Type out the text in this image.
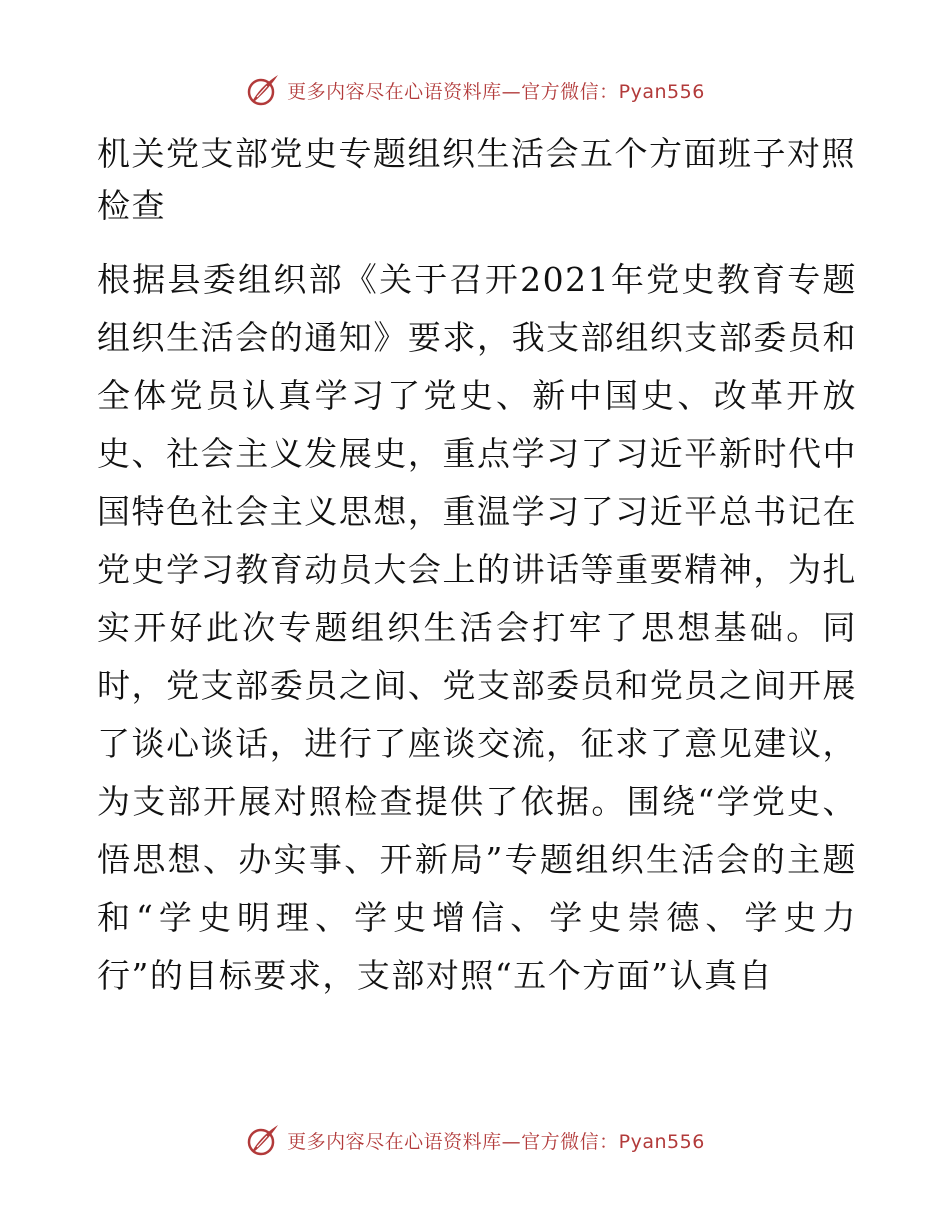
更多内容尽在心语资料库—官方微信：Pyan556
机关党支部党史专题组织生活会五个方面班子对照检查

根据县委组织部《关于召开2021年党史教育专题组织生活会的通知》要求，我支部组织支部委员和全体党员认真学习了党史、新中国史、改革开放史、社会主义发展史，重点学习了习近平新时代中国特色社会主义思想，重温学习了习近平总书记在党史学习教育动员大会上的讲话等重要精神，为扎实开好此次专题组织生活会打牢了思想基础。同时，党支部委员之间、党支部委员和党员之间开展了谈心谈话，进行了座谈交流，征求了意见建议，为支部开展对照检查提供了依据。围绕“学党史、悟思想、办实事、开新局”专题组织生活会的主题和“学史明理、学史增信、学史崇德、学史力行”的目标要求，支部对照“五个方面”认真自

更多内容尽在心语资料库—官方微信：Pyan556
